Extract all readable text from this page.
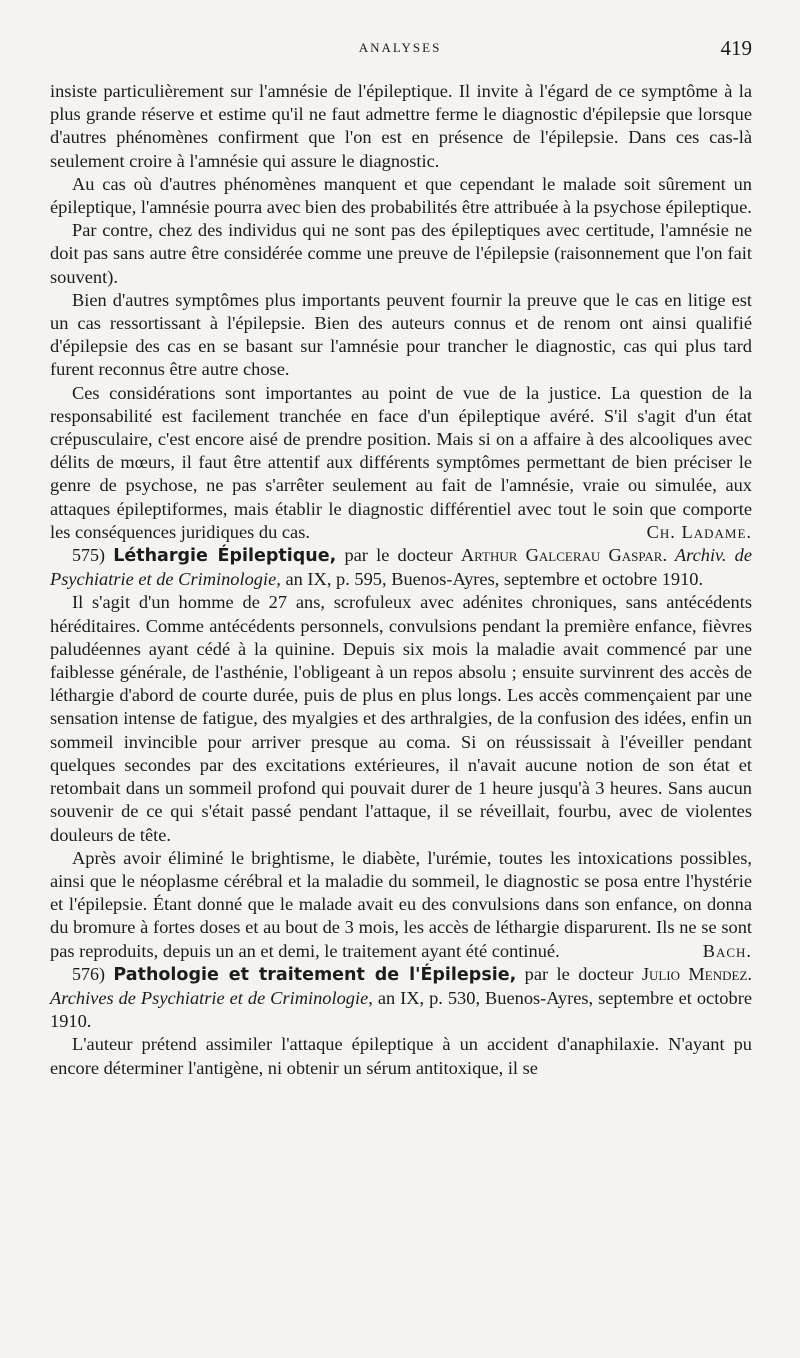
ANALYSES	419

insiste particulièrement sur l'amnésie de l'épileptique. Il invite à l'égard de ce symptôme à la plus grande réserve et estime qu'il ne faut admettre ferme le diagnostic d'épilepsie que lorsque d'autres phénomènes confirment que l'on est en présence de l'épilepsie. Dans ces cas-là seulement croire à l'amnésie qui assure le diagnostic.

Au cas où d'autres phénomènes manquent et que cependant le malade soit sûrement un épileptique, l'amnésie pourra avec bien des probabilités être attribuée à la psychose épileptique.

Par contre, chez des individus qui ne sont pas des épileptiques avec certitude, l'amnésie ne doit pas sans autre être considérée comme une preuve de l'épilepsie (raisonnement que l'on fait souvent).

Bien d'autres symptômes plus importants peuvent fournir la preuve que le cas en litige est un cas ressortissant à l'épilepsie. Bien des auteurs connus et de renom ont ainsi qualifié d'épilepsie des cas en se basant sur l'amnésie pour trancher le diagnostic, cas qui plus tard furent reconnus être autre chose.

Ces considérations sont importantes au point de vue de la justice. La question de la responsabilité est facilement tranchée en face d'un épileptique avéré. S'il s'agit d'un état crépusculaire, c'est encore aisé de prendre position. Mais si on a affaire à des alcooliques avec délits de mœurs, il faut être attentif aux différents symptômes permettant de bien préciser le genre de psychose, ne pas s'arrêter seulement au fait de l'amnésie, vraie ou simulée, aux attaques épileptiformes, mais établir le diagnostic différentiel avec tout le soin que comporte les conséquences juridiques du cas.	Ch. Ladame.

575) Léthargie Épileptique, par le docteur Arthur Galcerau Gaspar. Archiv. de Psychiatrie et de Criminologie, an IX, p. 595, Buenos-Ayres, septembre et octobre 1910.

Il s'agit d'un homme de 27 ans, scrofuleux avec adénites chroniques, sans antécédents héréditaires. Comme antécédents personnels, convulsions pendant la première enfance, fièvres paludéennes ayant cédé à la quinine. Depuis six mois la maladie avait commencé par une faiblesse générale, de l'asthénie, l'obligeant à un repos absolu ; ensuite survinrent des accès de léthargie d'abord de courte durée, puis de plus en plus longs. Les accès commençaient par une sensation intense de fatigue, des myalgies et des arthralgies, de la confusion des idées, enfin un sommeil invincible pour arriver presque au coma. Si on réussissait à l'éveiller pendant quelques secondes par des excitations extérieures, il n'avait aucune notion de son état et retombait dans un sommeil profond qui pouvait durer de 1 heure jusqu'à 3 heures. Sans aucun souvenir de ce qui s'était passé pendant l'attaque, il se réveillait, fourbu, avec de violentes douleurs de tête.

Après avoir éliminé le brightisme, le diabète, l'urémie, toutes les intoxications possibles, ainsi que le néoplasme cérébral et la maladie du sommeil, le diagnostic se posa entre l'hystérie et l'épilepsie. Étant donné que le malade avait eu des convulsions dans son enfance, on donna du bromure à fortes doses et au bout de 3 mois, les accès de léthargie disparurent. Ils ne se sont pas reproduits, depuis un an et demi, le traitement ayant été continué.	Bach.

576) Pathologie et traitement de l'Épilepsie, par le docteur Julio Mendez. Archives de Psychiatrie et de Criminologie, an IX, p. 530, Buenos-Ayres, septembre et octobre 1910.

L'auteur prétend assimiler l'attaque épileptique à un accident d'anaphilaxie. N'ayant pu encore déterminer l'antigène, ni obtenir un sérum antitoxique, il se
